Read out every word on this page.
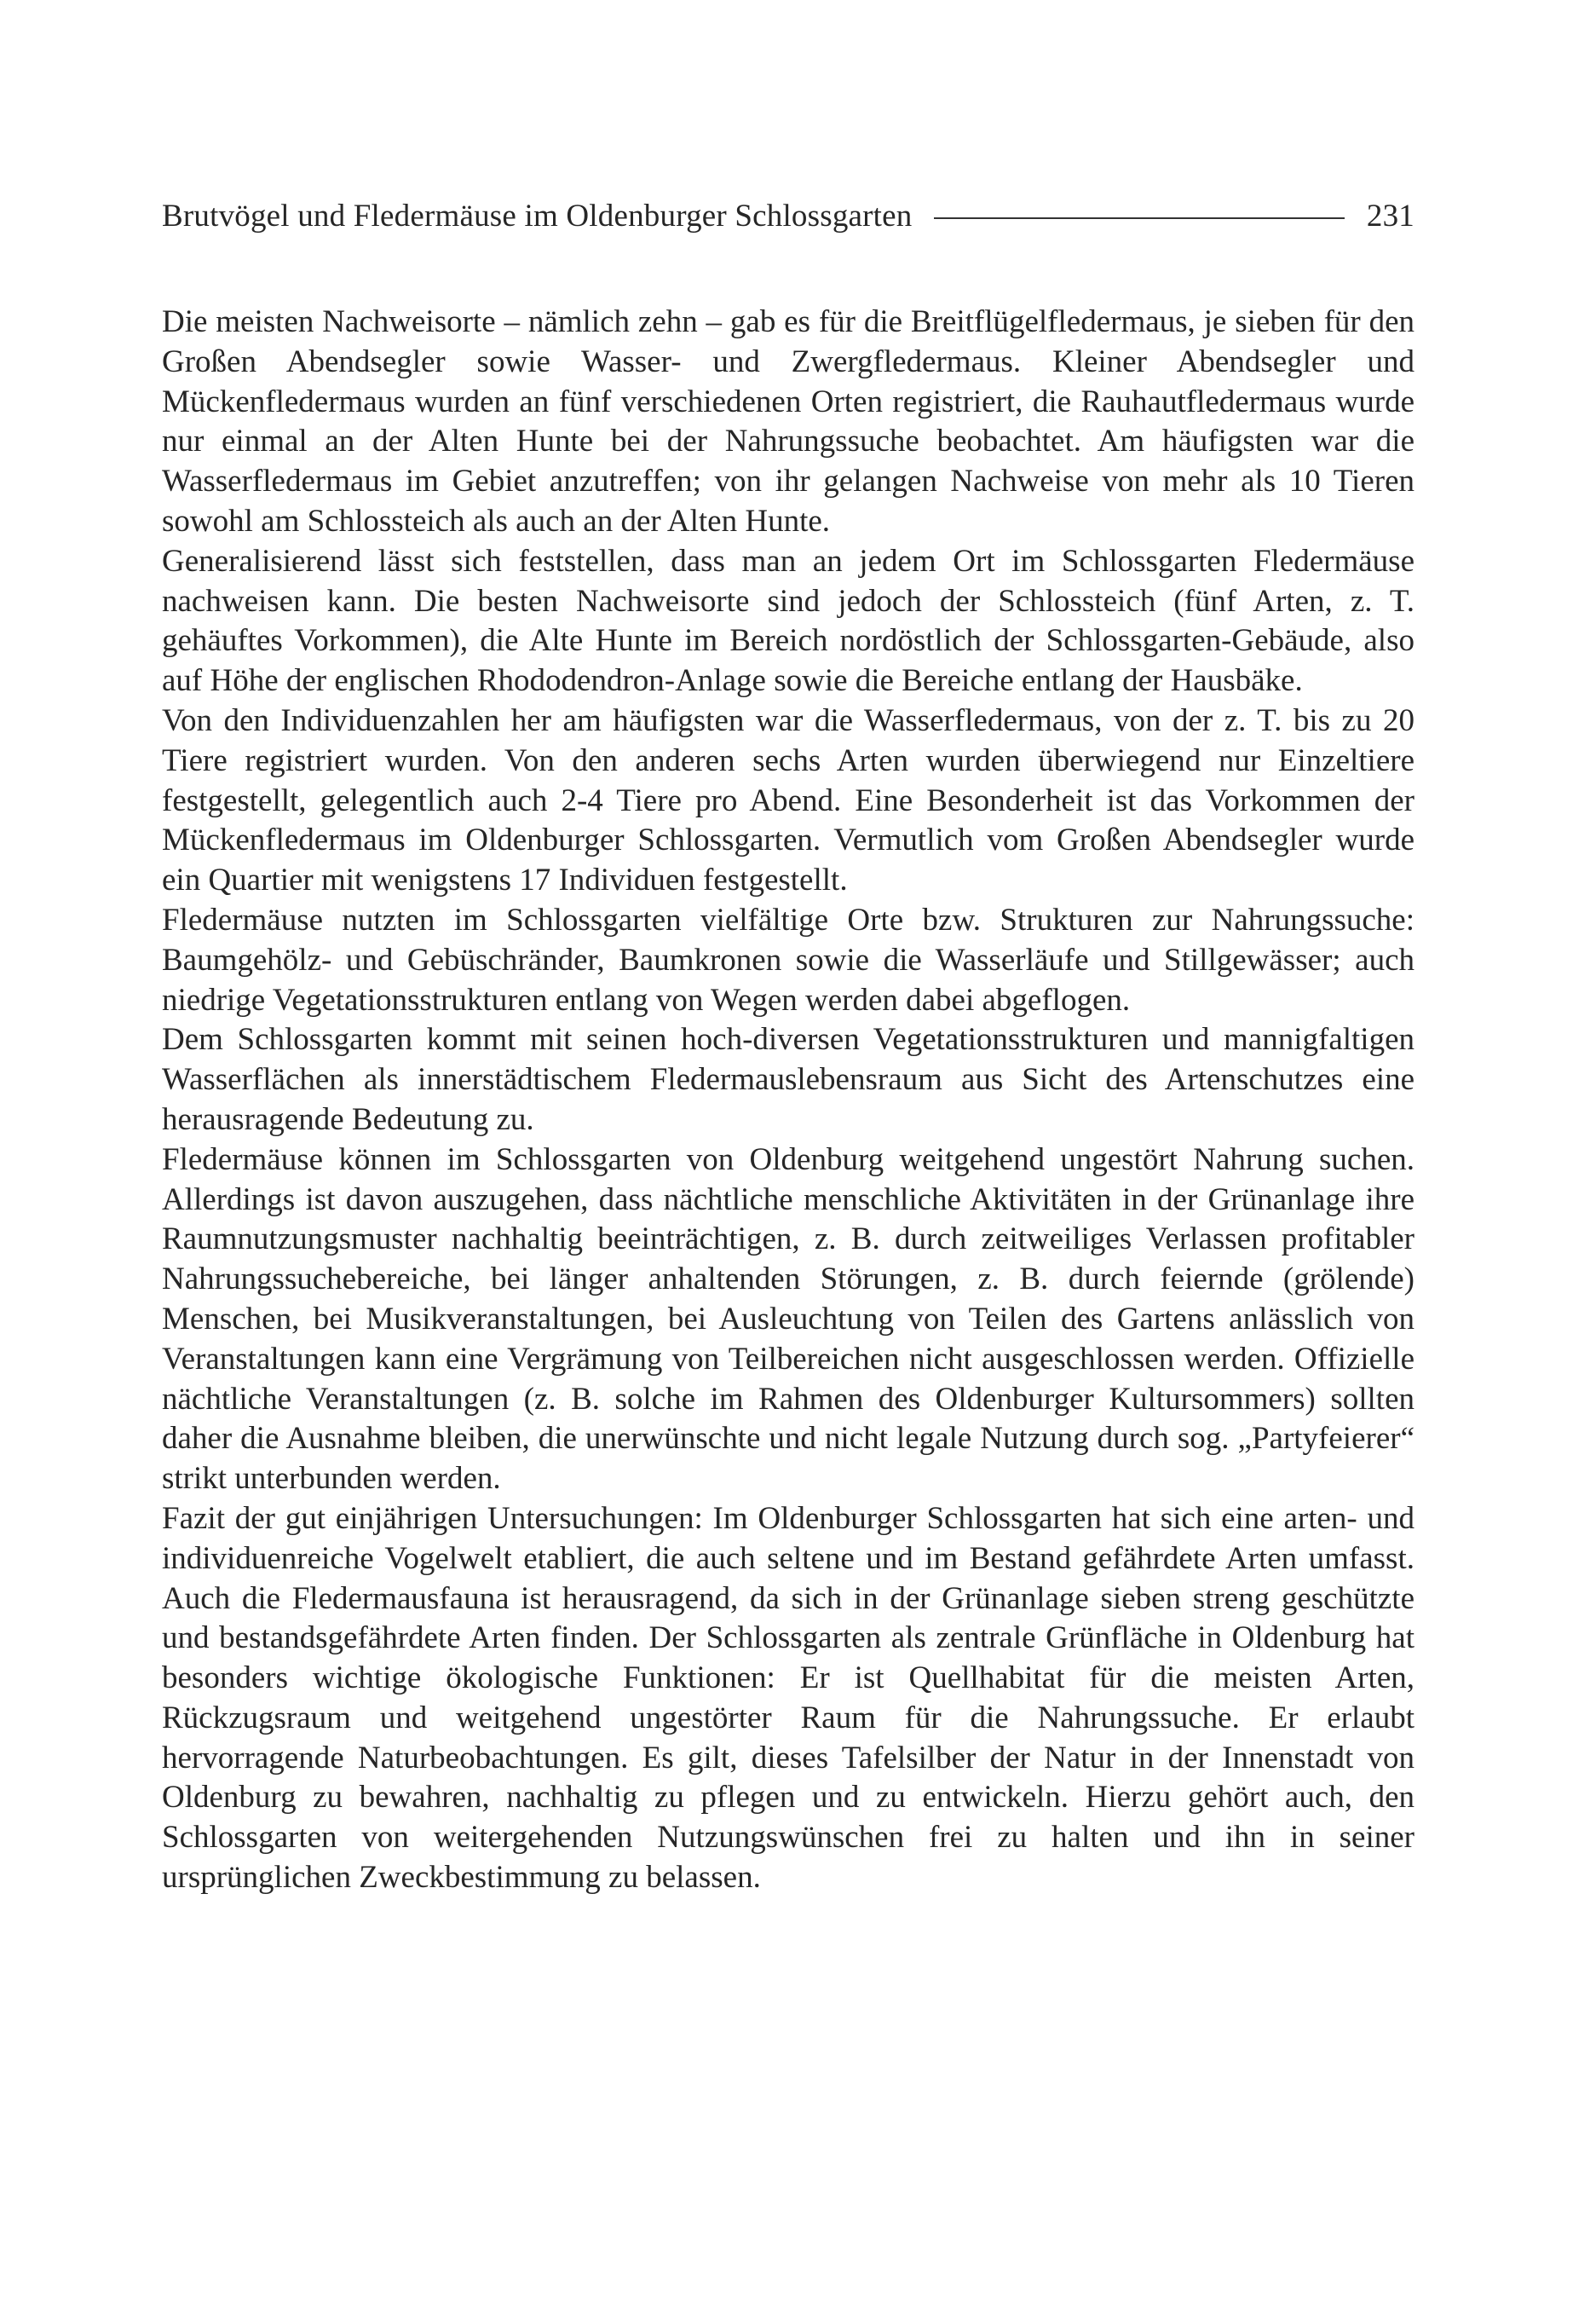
Brutvögel und Fledermäuse im Oldenburger Schlossgarten	231

Die meisten Nachweisorte – nämlich zehn – gab es für die Breitflügelfledermaus, je sieben für den Großen Abendsegler sowie Wasser- und Zwergfledermaus. Kleiner Abendsegler und Mückenfledermaus wurden an fünf verschiedenen Orten registriert, die Rauhautfledermaus wurde nur einmal an der Alten Hunte bei der Nahrungssuche beobachtet. Am häufigsten war die Wasserfledermaus im Gebiet anzutreffen; von ihr gelangen Nachweise von mehr als 10 Tieren sowohl am Schlossteich als auch an der Alten Hunte.

Generalisierend lässt sich feststellen, dass man an jedem Ort im Schlossgarten Fledermäuse nachweisen kann. Die besten Nachweisorte sind jedoch der Schlossteich (fünf Arten, z. T. gehäuftes Vorkommen), die Alte Hunte im Bereich nordöstlich der Schlossgarten-Gebäude, also auf Höhe der englischen Rhododendron-Anlage sowie die Bereiche entlang der Hausbäke.

Von den Individuenzahlen her am häufigsten war die Wasserfledermaus, von der z. T. bis zu 20 Tiere registriert wurden. Von den anderen sechs Arten wurden überwiegend nur Einzeltiere festgestellt, gelegentlich auch 2-4 Tiere pro Abend. Eine Besonderheit ist das Vorkommen der Mückenfledermaus im Oldenburger Schlossgarten. Vermutlich vom Großen Abendsegler wurde ein Quartier mit wenigstens 17 Individuen festgestellt.

Fledermäuse nutzten im Schlossgarten vielfältige Orte bzw. Strukturen zur Nahrungssuche: Baumgehölz- und Gebüschränder, Baumkronen sowie die Wasserläufe und Stillgewässer; auch niedrige Vegetationsstrukturen entlang von Wegen werden dabei abgeflogen.

Dem Schlossgarten kommt mit seinen hoch-diversen Vegetationsstrukturen und mannigfaltigen Wasserflächen als innerstädtischem Fledermauslebensraum aus Sicht des Artenschutzes eine herausragende Bedeutung zu.

Fledermäuse können im Schlossgarten von Oldenburg weitgehend ungestört Nahrung suchen. Allerdings ist davon auszugehen, dass nächtliche menschliche Aktivitäten in der Grünanlage ihre Raumnutzungsmuster nachhaltig beeinträchtigen, z. B. durch zeitweiliges Verlassen profitabler Nahrungssuchebereiche, bei länger anhaltenden Störungen, z. B. durch feiernde (grölende) Menschen, bei Musikveranstaltungen, bei Ausleuchtung von Teilen des Gartens anlässlich von Veranstaltungen kann eine Vergrämung von Teilbereichen nicht ausgeschlossen werden. Offizielle nächtliche Veranstaltungen (z. B. solche im Rahmen des Oldenburger Kultursommers) sollten daher die Ausnahme bleiben, die unerwünschte und nicht legale Nutzung durch sog. „Partyfeierer“ strikt unterbunden werden.

Fazit der gut einjährigen Untersuchungen: Im Oldenburger Schlossgarten hat sich eine arten- und individuenreiche Vogelwelt etabliert, die auch seltene und im Bestand gefährdete Arten umfasst. Auch die Fledermausfauna ist herausragend, da sich in der Grünanlage sieben streng geschützte und bestandsgefährdete Arten finden. Der Schlossgarten als zentrale Grünfläche in Oldenburg hat besonders wichtige ökologische Funktionen: Er ist Quellhabitat für die meisten Arten, Rückzugsraum und weitgehend ungestörter Raum für die Nahrungssuche. Er erlaubt hervorragende Naturbeobachtungen. Es gilt, dieses Tafelsilber der Natur in der Innenstadt von Oldenburg zu bewahren, nachhaltig zu pflegen und zu entwickeln. Hierzu gehört auch, den Schlossgarten von weitergehenden Nutzungswünschen frei zu halten und ihn in seiner ursprünglichen Zweckbestimmung zu belassen.
